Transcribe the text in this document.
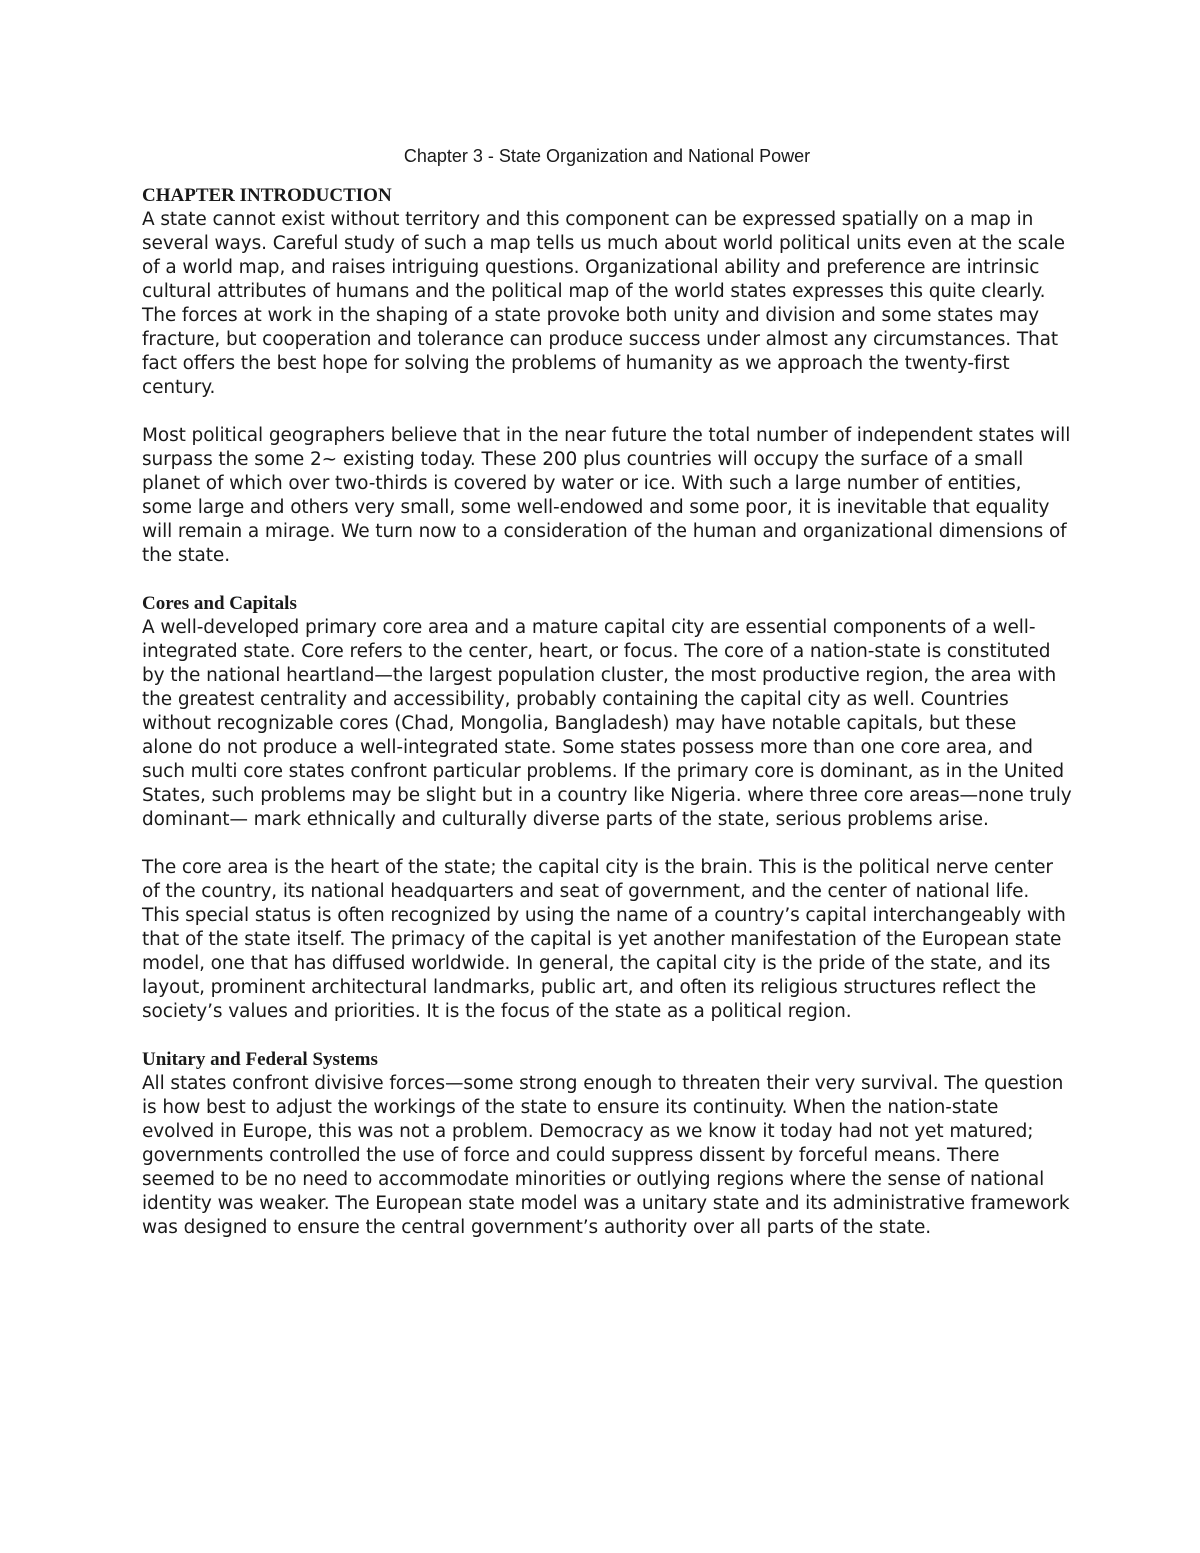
Chapter 3 - State Organization and National Power
CHAPTER INTRODUCTION

A state cannot exist without territory and this component can be expressed spatially on a map in several ways. Careful study of such a map tells us much about world political units even at the scale of a world map, and raises intriguing questions. Organizational ability and preference are intrinsic cultural attributes of humans and the political map of the world states expresses this quite clearly. The forces at work in the shaping of a state provoke both unity and division and some states may fracture, but cooperation and tolerance can produce success under almost any circumstances. That fact offers the best hope for solving the problems of humanity as we approach the twenty-first century.

Most political geographers believe that in the near future the total number of independent states will surpass the some 2~ existing today. These 200 plus countries will occupy the surface of a small planet of which over two-thirds is covered by water or ice. With such a large number of entities, some large and others very small, some well-endowed and some poor, it is inevitable that equality will remain a mirage. We turn now to a consideration of the human and organizational dimensions of the state.

Cores and Capitals

A well-developed primary core area and a mature capital city are essential components of a well-integrated state. Core refers to the center, heart, or focus. The core of a nation-state is constituted by the national heartland—the largest population cluster, the most productive region, the area with the greatest centrality and accessibility, probably containing the capital city as well. Countries without recognizable cores (Chad, Mongolia, Bangladesh) may have notable capitals, but these alone do not produce a well-integrated state. Some states possess more than one core area, and such multi core states confront particular problems. If the primary core is dominant, as in the United States, such problems may be slight but in a country like Nigeria. where three core areas—none truly dominant— mark ethnically and culturally diverse parts of the state, serious problems arise.

The core area is the heart of the state; the capital city is the brain. This is the political nerve center of the country, its national headquarters and seat of government, and the center of national life. This special status is often recognized by using the name of a country’s capital interchangeably with that of the state itself. The primacy of the capital is yet another manifestation of the European state model, one that has diffused worldwide. In general, the capital city is the pride of the state, and its layout, prominent architectural landmarks, public art, and often its religious structures reflect the society’s values and priorities. It is the focus of the state as a political region.

Unitary and Federal Systems

All states confront divisive forces—some strong enough to threaten their very survival. The question is how best to adjust the workings of the state to ensure its continuity. When the nation-state evolved in Europe, this was not a problem. Democracy as we know it today had not yet matured; governments controlled the use of force and could suppress dissent by forceful means. There seemed to be no need to accommodate minorities or outlying regions where the sense of national identity was weaker. The European state model was a unitary state and its administrative framework was designed to ensure the central government’s authority over all parts of the state.
